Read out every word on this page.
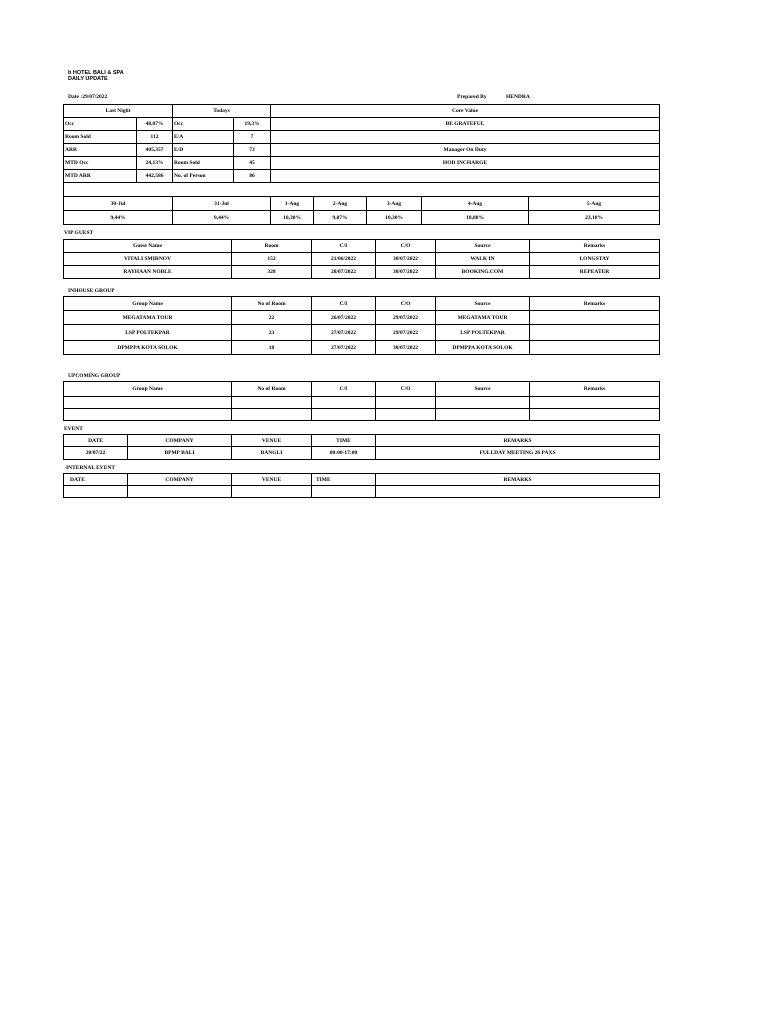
b HOTEL BALI & SPA
DAILY UPDATE
Date :29/07/2022	Prepared By	HENDRA
Last Night		Todays		Core Value
Occ	48,07%	Occ	19,3%	BE GRATEFUL
Room Sold	112	E/A	7	
ARR	405,357	E/D	73	Manager On Duty
MTD Occ	24,13%	Room Sold	45	HOD INCHARGE
MTD ARR	442,586	No. of Person	86	

30-Jul	31-Jul	1-Aug	2-Aug	3-Aug	4-Aug	5-Aug
9,44%	9,44%	10,30%	9,87%	10,30%	18,88%	23,18%
VIP GUEST
Guest Name	Room	C/I	C/O	Source	Remarks
VITALI SMIRNOV	152	21/06/2022	30/07/2022	WALK IN	LONGSTAY
RAYHAAN NOBLE	328	28/07/2022	30/07/2022	BOOKING.COM	REPEATER
INHOUSE GROUP
Group Name	No of Room	C/I	C/O	Source	Remarks
MEGATAMA TOUR	22	26/07/2022	29/07/2022	MEGATAMA TOUR	
LSP POLTEKPAR	23	27/07/2022	29/07/2022	LSP POLTEKPAR	
DPMPPA KOTA SOLOK	18	27/07/2022	30/07/2022	DPMPPA KOTA SOLOK	
UPCOMING GROUP
Group Name	No of Room	C/I	C/O	Source	Remarks

EVENT
DATE	COMPANY	VENUE	TIME	REMARKS
28/07/22	BPMP BALI	BANGLI	08:00-17:00	FULLDAY MEETING 26 PAXS
INTERNAL EVENT
DATE	COMPANY	VENUE	TIME	REMARKS
